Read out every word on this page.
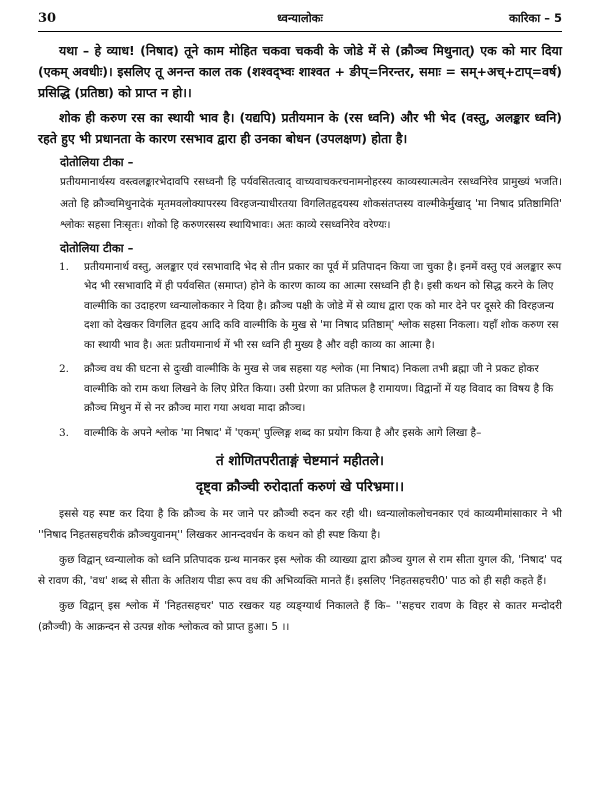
30	ध्वन्यालोकः	कारिका – 5

यथा – हे व्याध! (निषाद) तूने काम मोहित चकवा चकवी के जोडे में से (क्रौञ्च मिथुनात्) एक को मार दिया (एकम् अवधीः)। इसलिए तू अनन्त काल तक (शश्वद्भ्वः शाश्वत + ङीप्=निरन्तर, समाः = सम्+अच्+टाप्=वर्ष) प्रसिद्धि (प्रतिष्ठा) को प्राप्त न हो।।

शोक ही करुण रस का स्थायी भाव है। (यद्यपि) प्रतीयमान के (रस ध्वनि) और भी भेद (वस्तु, अलङ्कार ध्वनि) रहते हुए भी प्रधानता के कारण रसभाव द्वारा ही उनका बोधन (उपलक्षण) होता है।

दोतोलिया टीका –

प्रतीयमानार्थस्य वस्त्वलङ्कारभेदावपि रसध्वनौ हि पर्यवसितत्वाद् वाच्यवाचकरचनामनोहरस्य काव्यस्यात्मत्वेन रसध्वनिरेव प्रामुख्यं भजति। अतो हि क्रौञ्चमिथुनादेकं मृतमवलोक्यापरस्य विरहजन्याधीरतया विगलितहृदयस्य शोकसंतप्तस्य वाल्मीकेर्मुखाद् 'मा निषाद प्रतिष्ठामिति' श्लोकः सहसा निःसृतः। शोको हि करुणरसस्य स्थायिभावः। अतः काव्ये रसध्वनिरेव वरेण्यः।

दोतोलिया टीका –
1. प्रतीयमानार्थ वस्तु, अलङ्कार एवं रसभावादि भेद से तीन प्रकार का पूर्व में प्रतिपादन किया जा चुका है। इनमें वस्तु एवं अलङ्कार रूप भेद भी रसभावादि में ही पर्यवसित (समाप्त) होने के कारण काव्य का आत्मा रसध्वनि ही है। इसी कथन को सिद्ध करने के लिए वाल्मीकि का उदाहरण ध्वन्यालोककार ने दिया है। क्रौञ्च पक्षी के जोडे में से व्याध द्वारा एक को मार देने पर दूसरे की विरहजन्य दशा को देखकर विगलित हृदय आदि कवि वाल्मीकि के मुख से 'मा निषाद प्रतिष्ठाम्' श्लोक सहसा निकला। यहाँ शोक करुण रस का स्थायी भाव है। अतः प्रतीयमानार्थ में भी रस ध्वनि ही मुख्य है और वही काव्य का आत्मा है।
2. क्रौञ्च वध की घटना से दुःखी वाल्मीकि के मुख से जब सहसा यह श्लोक (मा निषाद) निकला तभी ब्रह्मा जी ने प्रकट होकर वाल्मीकि को राम कथा लिखने के लिए प्रेरित किया। उसी प्रेरणा का प्रतिफल है रामायण। विद्वानों में यह विवाद का विषय है कि क्रौञ्च मिथुन में से नर क्रौञ्च मारा गया अथवा मादा क्रौञ्च।
3. वाल्मीकि के अपने श्लोक 'मा निषाद' में 'एकम्' पुल्लिङ्ग शब्द का प्रयोग किया है और इसके आगे लिखा है–
तं शोणितपरीताङ्गं चेष्टमानं महीतले।
दृष्ट्वा क्रौञ्ची रुरोदार्ता करुणं खे परिभ्रमा।।

इससे यह स्पष्ट कर दिया है कि क्रौञ्च के मर जाने पर क्रौञ्ची रुदन कर रही थी। ध्वन्यालोकलोचनकार एवं काव्यमीमांसाकार ने भी ''निषाद निहतसहचरीकं क्रौञ्चयुवानम्'' लिखकर आनन्दवर्धन के कथन को ही स्पष्ट किया है।

कुछ विद्वान् ध्वन्यालोक को ध्वनि प्रतिपादक ग्रन्थ मानकर इस श्लोक की व्याख्या द्वारा क्रौञ्च युगल से राम सीता युगल की, 'निषाद' पद से रावण की, 'वध' शब्द से सीता के अतिशय पीडा रूप वध की अभिव्यक्ति मानते हैं। इसलिए 'निहतसहचरी0' पाठ को ही सही कहते हैं।

कुछ विद्वान् इस श्लोक में 'निहतसहचर' पाठ रखकर यह व्यङ्ग्यार्थ निकालते हैं कि– ''सहचर रावण के विहर से कातर मन्दोदरी (क्रौञ्ची) के आक्रन्दन से उत्पन्न शोक श्लोकत्व को प्राप्त हुआ। 5 ।।
